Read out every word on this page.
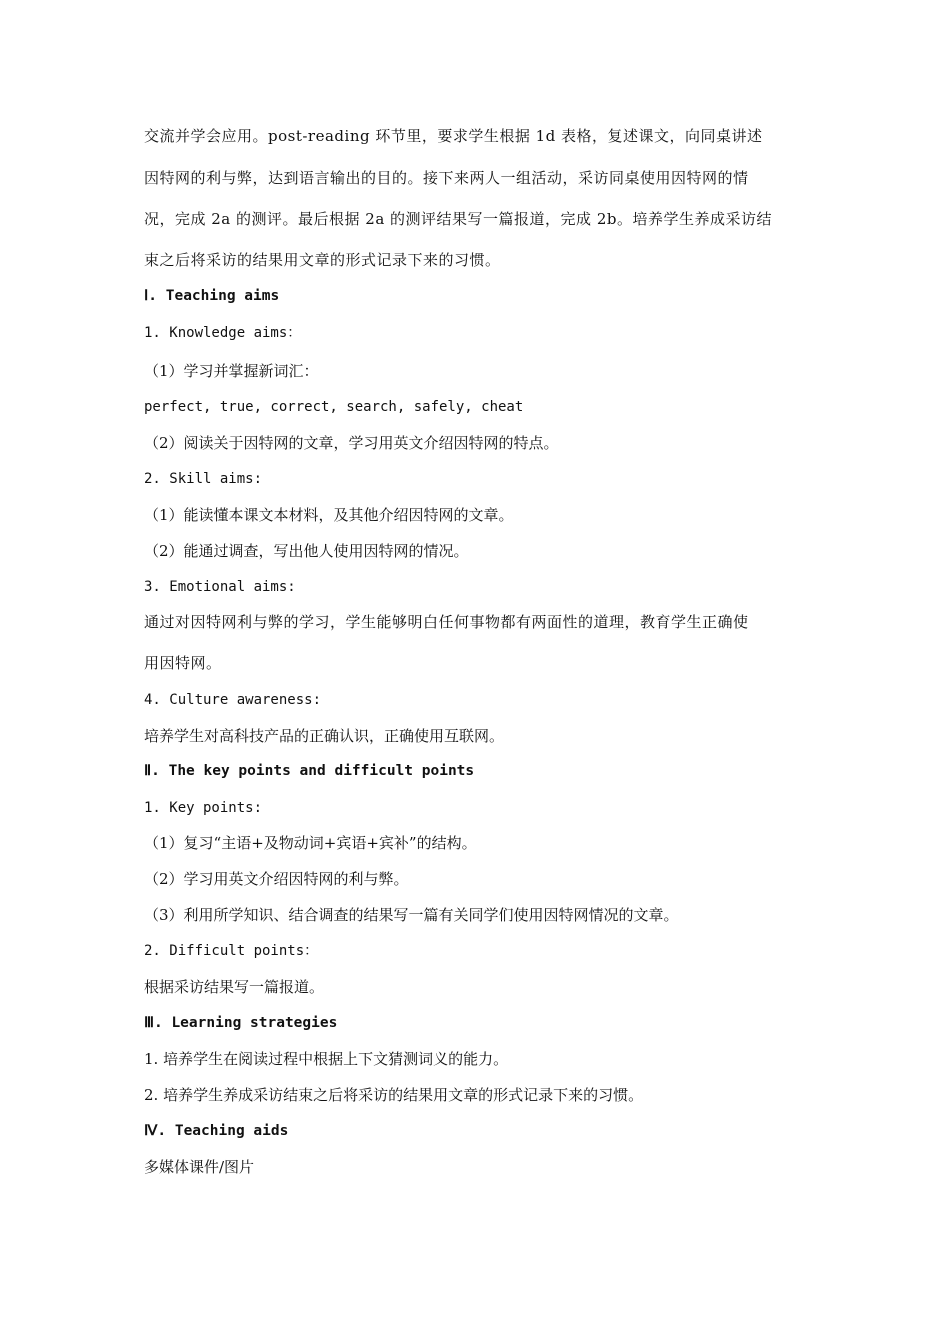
交流并学会应用。post-reading 环节里，要求学生根据 1d 表格，复述课文，向同桌讲述
因特网的利与弊，达到语言输出的目的。接下来两人一组活动，采访同桌使用因特网的情
况，完成 2a 的测评。最后根据 2a 的测评结果写一篇报道，完成 2b。培养学生养成采访结
束之后将采访的结果用文章的形式记录下来的习惯。
Ⅰ. Teaching aims
1. Knowledge aims：
（1）学习并掌握新词汇：
perfect, true, correct, search, safely, cheat
（2）阅读关于因特网的文章，学习用英文介绍因特网的特点。
2. Skill aims:
（1）能读懂本课文本材料，及其他介绍因特网的文章。
（2）能通过调查，写出他人使用因特网的情况。
3. Emotional aims:
通过对因特网利与弊的学习，学生能够明白任何事物都有两面性的道理，教育学生正确使
用因特网。
4. Culture awareness:
培养学生对高科技产品的正确认识，正确使用互联网。
Ⅱ. The key points and difficult points
1. Key points:
（1）复习“主语+及物动词+宾语+宾补”的结构。
（2）学习用英文介绍因特网的利与弊。
（3）利用所学知识、结合调查的结果写一篇有关同学们使用因特网情况的文章。
2. Difficult points：
根据采访结果写一篇报道。
Ⅲ. Learning strategies
1. 培养学生在阅读过程中根据上下文猜测词义的能力。
2. 培养学生养成采访结束之后将采访的结果用文章的形式记录下来的习惯。
Ⅳ. Teaching aids
多媒体课件/图片
